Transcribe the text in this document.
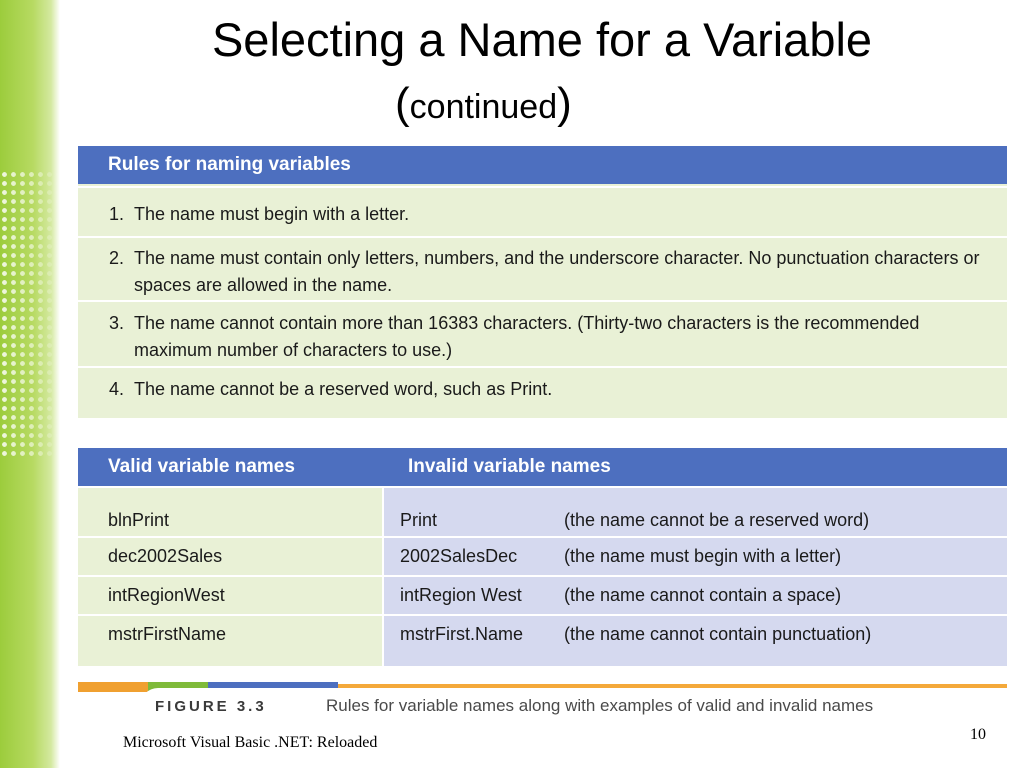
Selecting a Name for a Variable
(continued)
Rules for naming variables
1. The name must begin with a letter.
2. The name must contain only letters, numbers, and the underscore character. No punctuation characters or spaces are allowed in the name.
3. The name cannot contain more than 16383 characters. (Thirty-two characters is the recommended maximum number of characters to use.)
4. The name cannot be a reserved word, such as Print.
Valid variable names	Invalid variable names
blnPrint	Print	(the name cannot be a reserved word)
dec2002Sales	2002SalesDec	(the name must begin with a letter)
intRegionWest	intRegion West (the name cannot contain a space)
mstrFirstName	mstrFirst.Name (the name cannot contain punctuation)
FIGURE 3.3	Rules for variable names along with examples of valid and invalid names
Microsoft Visual Basic .NET: Reloaded	10
